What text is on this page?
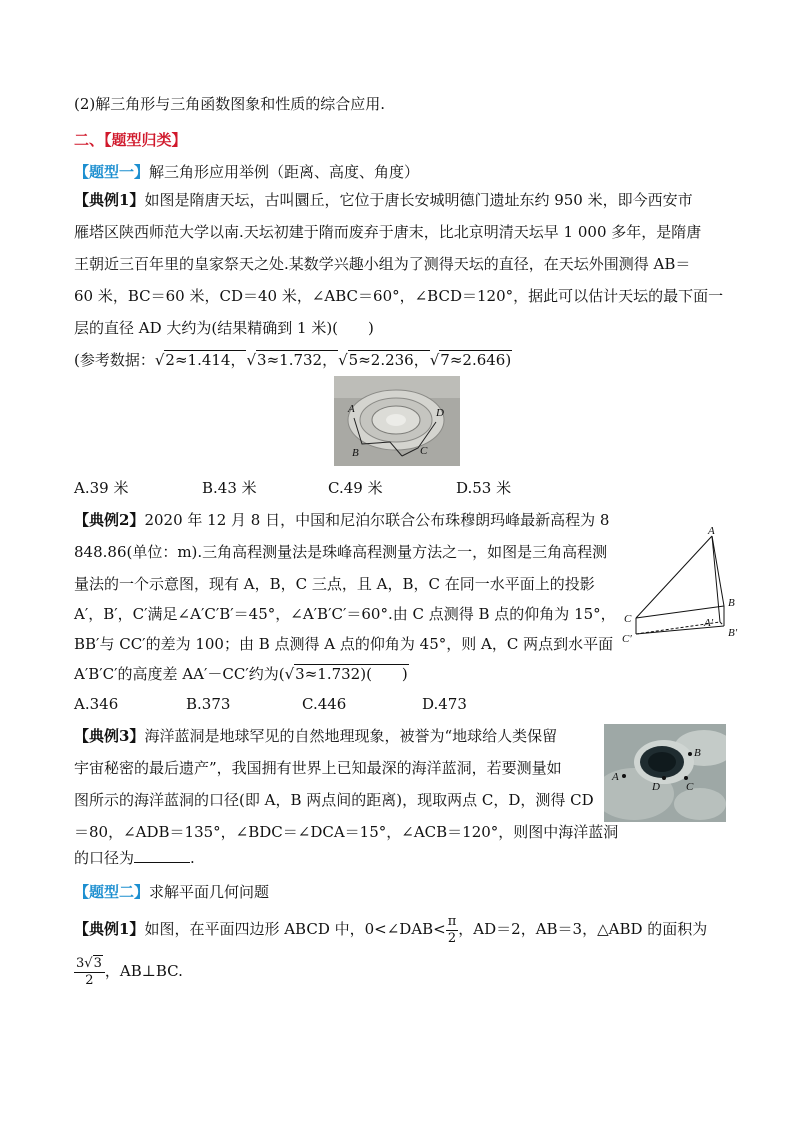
(2)解三角形与三角函数图象和性质的综合应用.
二、【题型归类】
【题型一】解三角形应用举例（距离、高度、角度）
【典例1】如图是隋唐天坛，古叫圜丘，它位于唐长安城明德门遗址东约 950 米，即今西安市
雁塔区陕西师范大学以南.天坛初建于隋而废弃于唐末，比北京明清天坛早 1 000 多年，是隋唐
王朝近三百年里的皇家祭天之处.某数学兴趣小组为了测得天坛的直径，在天坛外围测得 AB＝
60 米，BC＝60 米，CD＝40 米，∠ABC＝60°，∠BCD＝120°，据此可以估计天坛的最下面一
层的直径 AD 大约为(结果精确到 1 米)(　　)
(参考数据：√2≈1.414，√3≈1.732，√5≈2.236，√7≈2.646)
A
B	C
D
A.39 米	B.43 米	C.49 米	D.53 米
【典例2】2020 年 12 月 8 日，中国和尼泊尔联合公布珠穆朗玛峰最新高程为 8
848.86(单位：m).三角高程测量法是珠峰高程测量方法之一，如图是三角高程测
量法的一个示意图，现有 A，B，C 三点，且 A，B，C 在同一水平面上的投影
A′，B′，C′满足∠A′C′B′＝45°，∠A′B′C′＝60°.由 C 点测得 B 点的仰角为 15°，
BB′与 CC′的差为 100；由 B 点测得 A 点的仰角为 45°，则 A，C 两点到水平面
A′B′C′的高度差 AA′－CC′约为(√3≈1.732)(　　)
A
B
C	A′
B′
C′
A.346	B.373	C.446	D.473
【典例3】海洋蓝洞是地球罕见的自然地理现象，被誉为“地球给人类保留
宇宙秘密的最后遗产”，我国拥有世界上已知最深的海洋蓝洞，若要测量如
图所示的海洋蓝洞的口径(即 A，B 两点间的距离)，现取两点 C，D，测得 CD
＝80，∠ADB＝135°，∠BDC＝∠DCA＝15°，∠ACB＝120°，则图中海洋蓝洞
的口径为	.
A
B
C
D
【题型二】求解平面几何问题
【典例1】如图，在平面四边形 ABCD 中，0<∠DAB< $\frac{\pi}{2}$ ，AD＝2，AB＝3，△ABD 的面积为
$\frac{3√3}{2}$ ，AB⊥BC.
